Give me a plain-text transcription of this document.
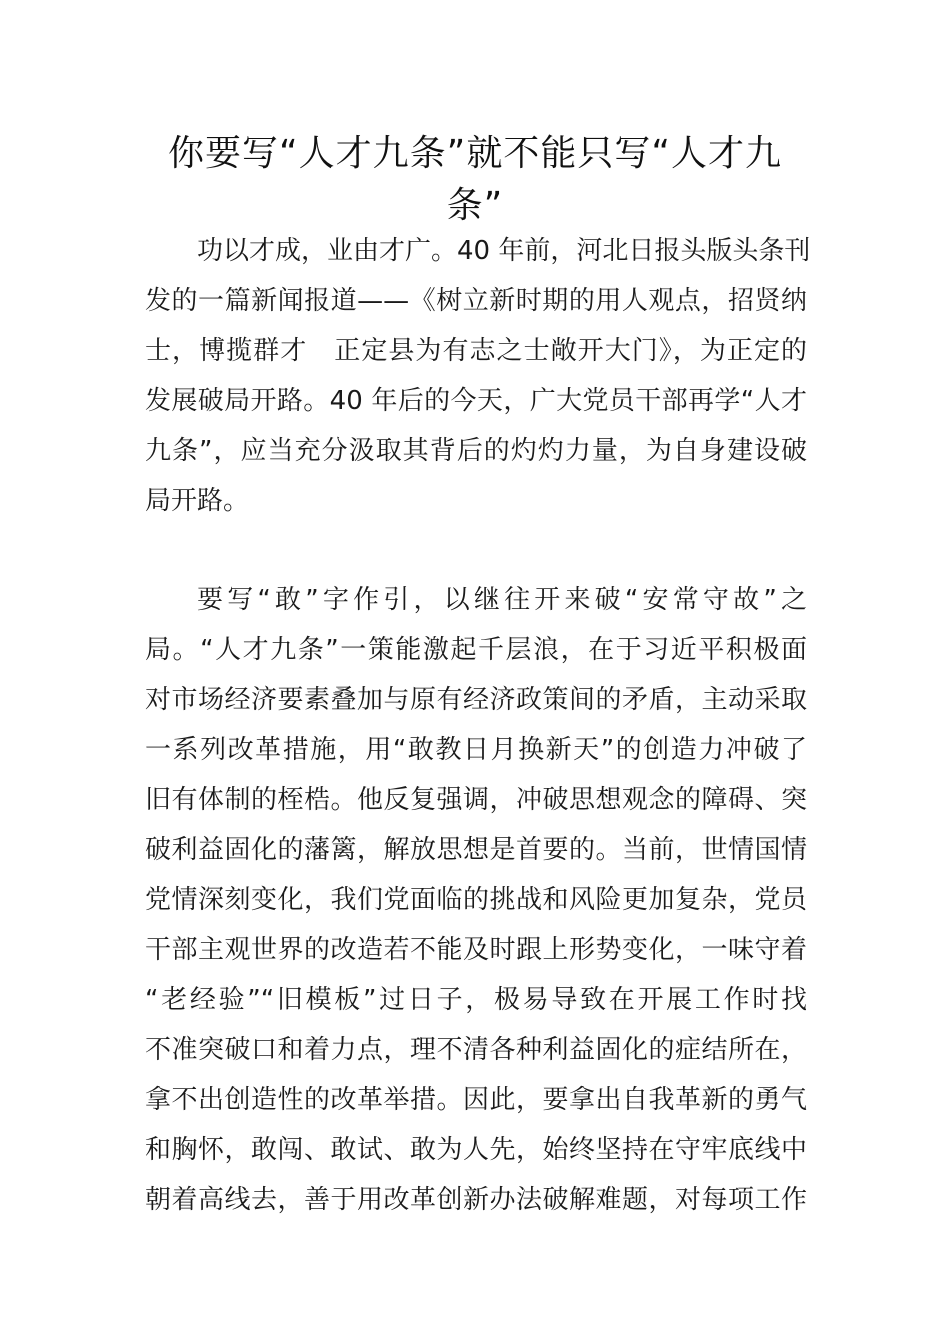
你要写“人才九条”就不能只写“人才九
条”
功以才成，业由才广。40 年前，河北日报头版头条刊
发的一篇新闻报道——《树立新时期的用人观点，招贤纳
士，博揽群才　正定县为有志之士敞开大门》，为正定的
发展破局开路。40 年后的今天，广大党员干部再学“人才
九条”，应当充分汲取其背后的灼灼力量，为自身建设破
局开路。
要写“敢”字作引，以继往开来破“安常守故”之
局。“人才九条”一策能激起千层浪，在于习近平积极面
对市场经济要素叠加与原有经济政策间的矛盾，主动采取
一系列改革措施，用“敢教日月换新天”的创造力冲破了
旧有体制的桎梏。他反复强调，冲破思想观念的障碍、突
破利益固化的藩篱，解放思想是首要的。当前，世情国情
党情深刻变化，我们党面临的挑战和风险更加复杂，党员
干部主观世界的改造若不能及时跟上形势变化，一味守着
“老经验”“旧模板”过日子，极易导致在开展工作时找
不准突破口和着力点，理不清各种利益固化的症结所在，
拿不出创造性的改革举措。因此，要拿出自我革新的勇气
和胸怀，敢闯、敢试、敢为人先，始终坚持在守牢底线中
朝着高线去，善于用改革创新办法破解难题，对每项工作
